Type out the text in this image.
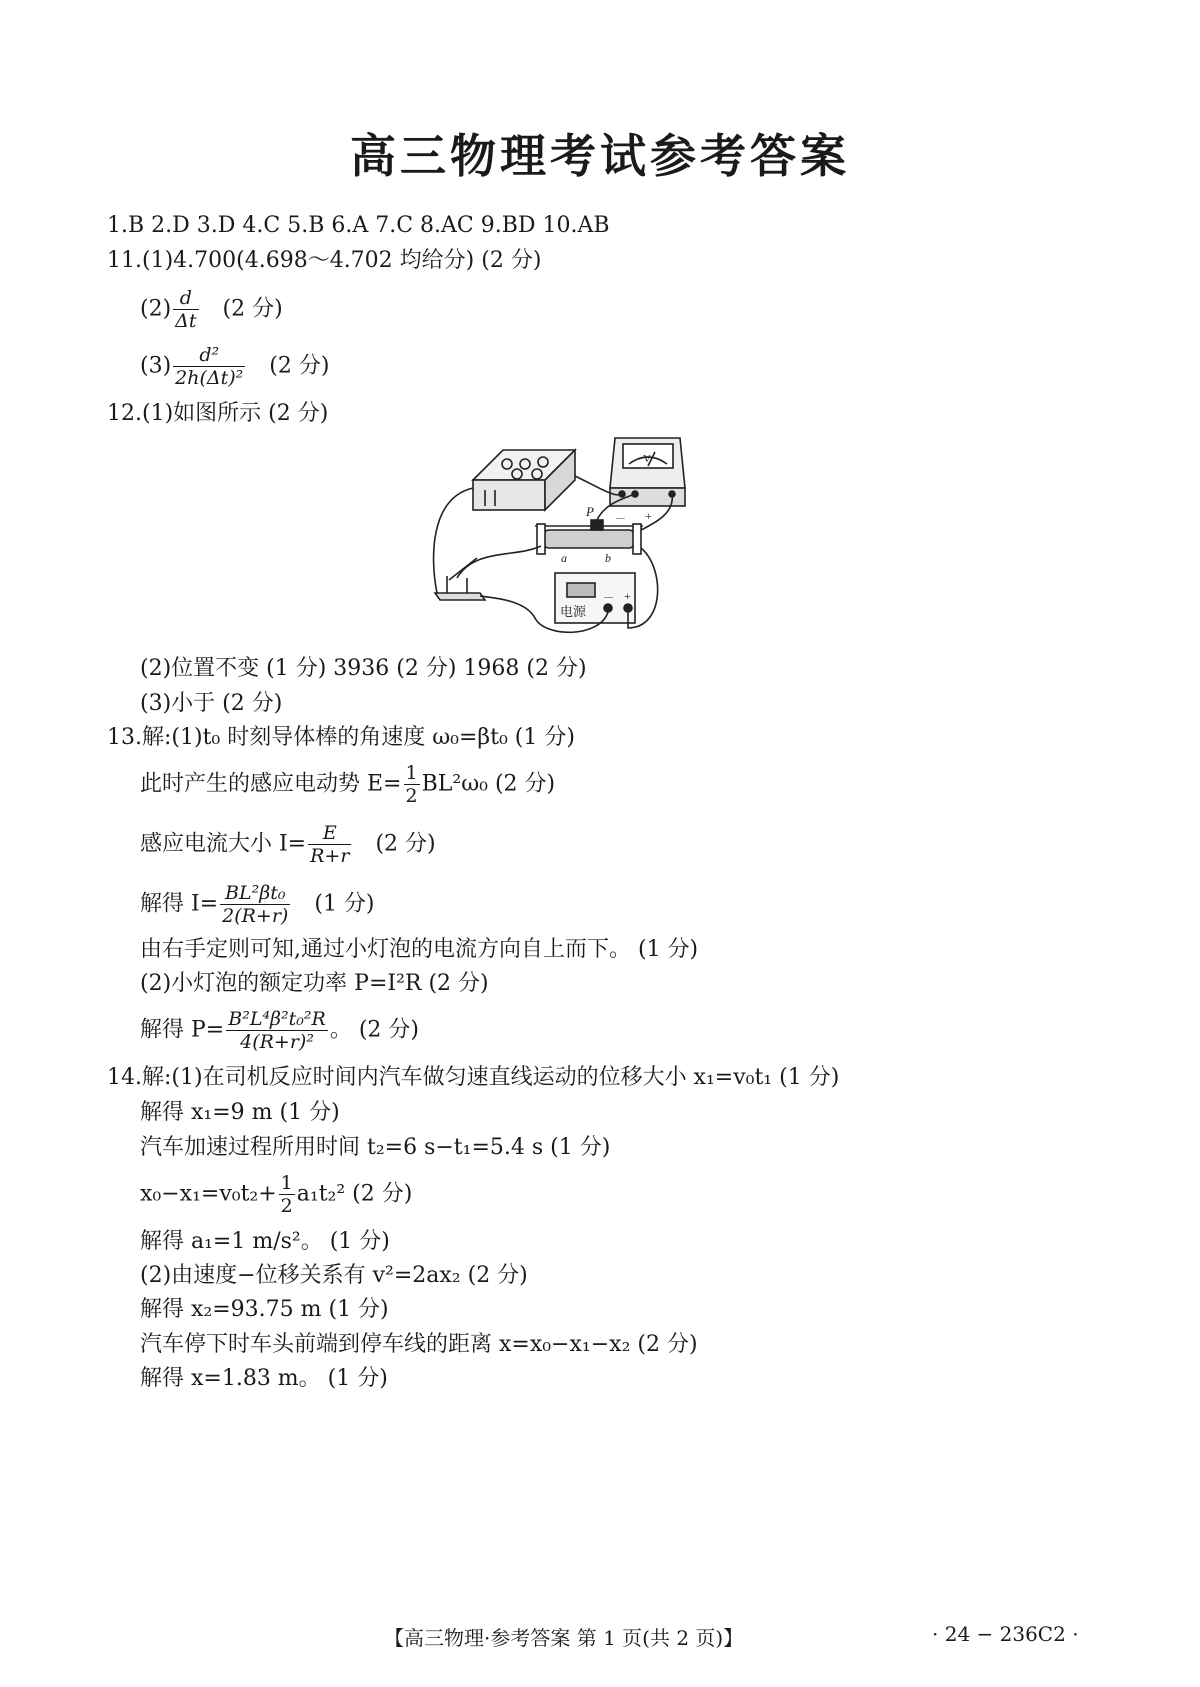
高三物理考试参考答案
1.B 2.D 3.D 4.C 5.B 6.A 7.C 8.AC 9.BD 10.AB
11.(1)4.700(4.698～4.702 均给分) (2 分)
$(2) \frac{d}{\Delta t} (2$ 分)
$(3) \frac{\text{d²}}{\text{2h(Δt)²}} (2$ 分)
12.(1)如图所示 (2 分)
V
电源
－ +
P
a	b
－ +
(2)位置不变 (1 分) 3936 (2 分) 1968 (2 分)
(3)小于 (2 分)
13.解:(1)t₀ 时刻导体棒的角速度 ω₀=βt₀ (1 分)
此时产生的感应电动势 $E= \frac{1}{2} BL^2\omega_0$ (2 分)
感应电流大小 $I= \frac{E}{R+r} (2$ 分)
解得 $I= \frac{\text{BL²βt₀}}{2(R+r)} (1$ 分)
由右手定则可知,通过小灯泡的电流方向自上而下。 (1 分)
(2)小灯泡的额定功率 P=I²R (2 分)
解得 $P= \frac{\text{B²L⁴β²t₀²R}}{\text{4(R+r)²}}$ 。 (2 分)
14.解:(1)在司机反应时间内汽车做匀速直线运动的位移大小 x₁=v₀t₁ (1 分)
解得 x₁=9 m (1 分)
汽车加速过程所用时间 t₂=6 s−t₁=5.4 s (1 分)
$x_0-x_1=v_0t_2+ \frac{1}{2} a_1t_2^2$ (2 分)
解得 a₁=1 m/s²。 (1 分)
(2)由速度−位移关系有 v²=2ax₂ (2 分)
解得 x₂=93.75 m (1 分)
汽车停下时车头前端到停车线的距离 x=x₀−x₁−x₂ (2 分)
解得 x=1.83 m。 (1 分)
【高三物理·参考答案 第 1 页(共 2 页)】	· 24 − 236C2 ·
